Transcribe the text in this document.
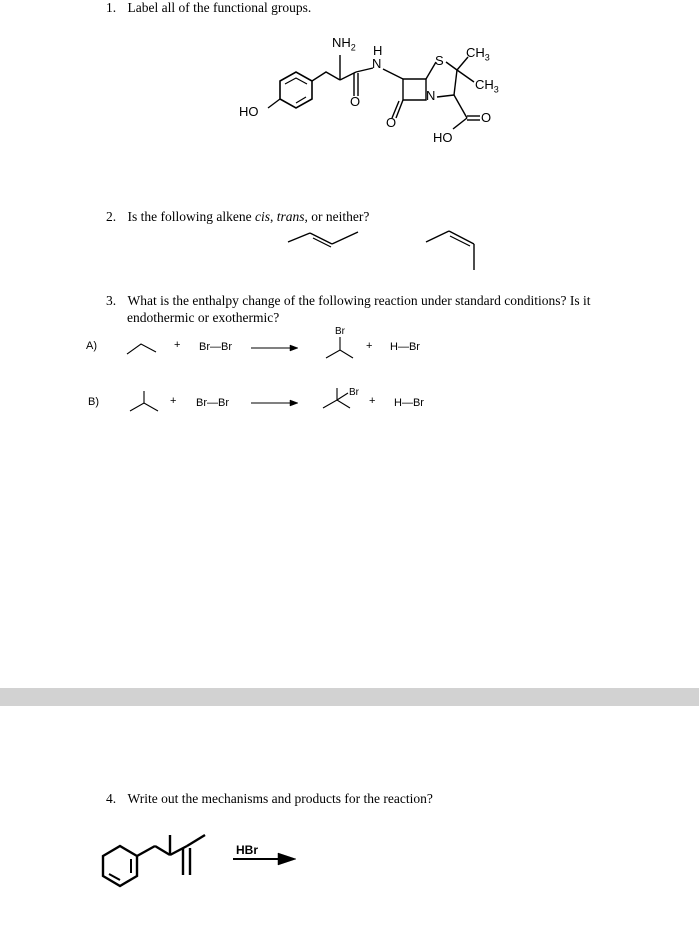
1. Label all of the functional groups.
$NH_2$ H
N
O
S
$CH_3$
$CH_3$
N
O
HO
HO
O
2. Is the following alkene cis, trans, or neither?
3. What is the enthalpy change of the following reaction under standard conditions? Is it
endothermic or exothermic?
A)	+ Br—Br
Br
+ H—Br
B)	+ Br—Br
Br
+ H—Br
4. Write out the mechanisms and products for the reaction?
HBr
